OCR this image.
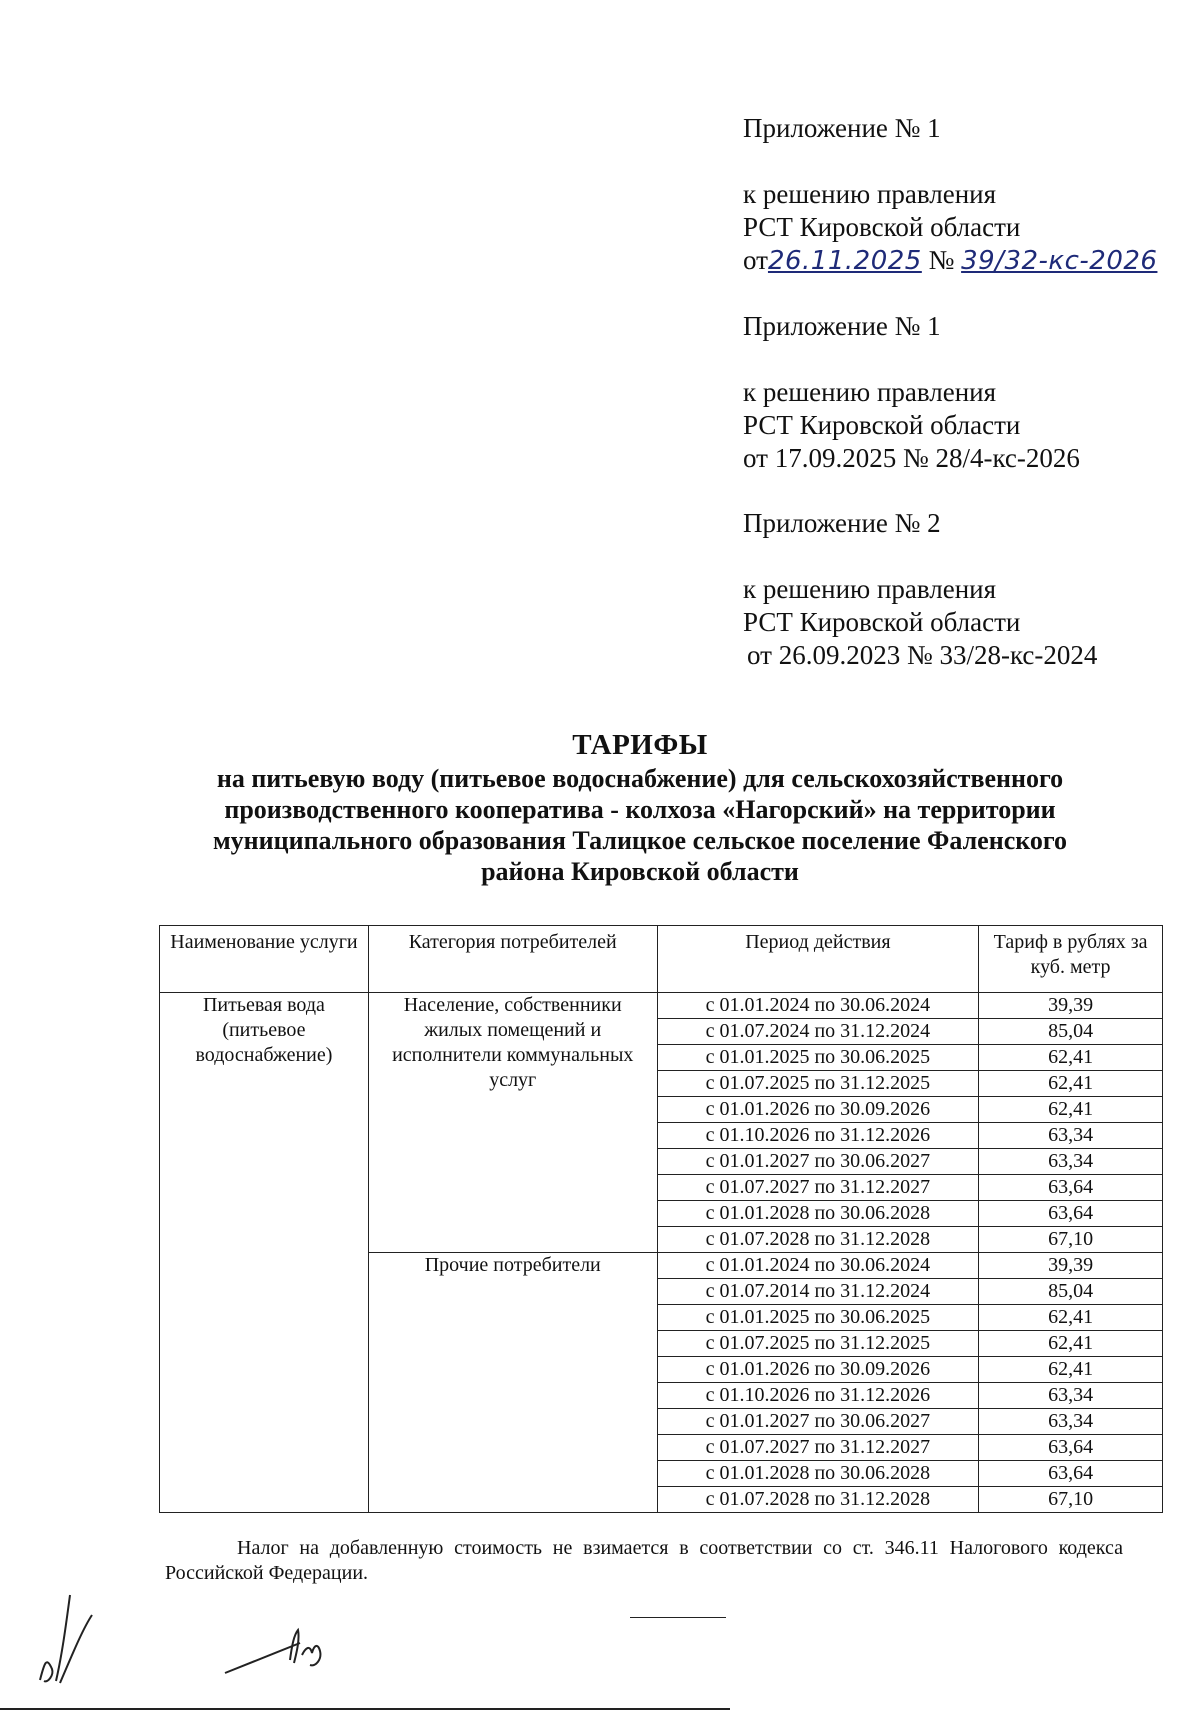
Приложение № 1
к решению правления
РСТ Кировской области
от26.11.2025 № 39/32-кс-2026
Приложение № 1
к решению правления
РСТ Кировской области
от 17.09.2025 № 28/4-кс-2026
Приложение № 2
к решению правления
РСТ Кировской области
от 26.09.2023 № 33/28-кс-2024
ТАРИФЫ
на питьевую воду (питьевое водоснабжение) для сельскохозяйственного
производственного кооператива - колхоза «Нагорский» на территории
муниципального образования Талицкое сельское поселение Фаленского
района Кировской области
Наименование услуги	Категория потребителей	Период действия	Тариф в рублях за куб. метр
Питьевая вода (питьевое водоснабжение)	Население, собственники жилых помещений и исполнители коммунальных услуг	с 01.01.2024 по 30.06.2024	39,39
		с 01.07.2024 по 31.12.2024	85,04
		с 01.01.2025 по 30.06.2025	62,41
		с 01.07.2025 по 31.12.2025	62,41
		с 01.01.2026 по 30.09.2026	62,41
		с 01.10.2026 по 31.12.2026	63,34
		с 01.01.2027 по 30.06.2027	63,34
		с 01.07.2027 по 31.12.2027	63,64
		с 01.01.2028 по 30.06.2028	63,64
		с 01.07.2028 по 31.12.2028	67,10
	Прочие потребители	с 01.01.2024 по 30.06.2024	39,39
		с 01.07.2014 по 31.12.2024	85,04
		с 01.01.2025 по 30.06.2025	62,41
		с 01.07.2025 по 31.12.2025	62,41
		с 01.01.2026 по 30.09.2026	62,41
		с 01.10.2026 по 31.12.2026	63,34
		с 01.01.2027 по 30.06.2027	63,34
		с 01.07.2027 по 31.12.2027	63,64
		с 01.01.2028 по 30.06.2028	63,64
		с 01.07.2028 по 31.12.2028	67,10
Налог на добавленную стоимость не взимается в соответствии со ст. 346.11 Налогового кодекса Российской Федерации.
